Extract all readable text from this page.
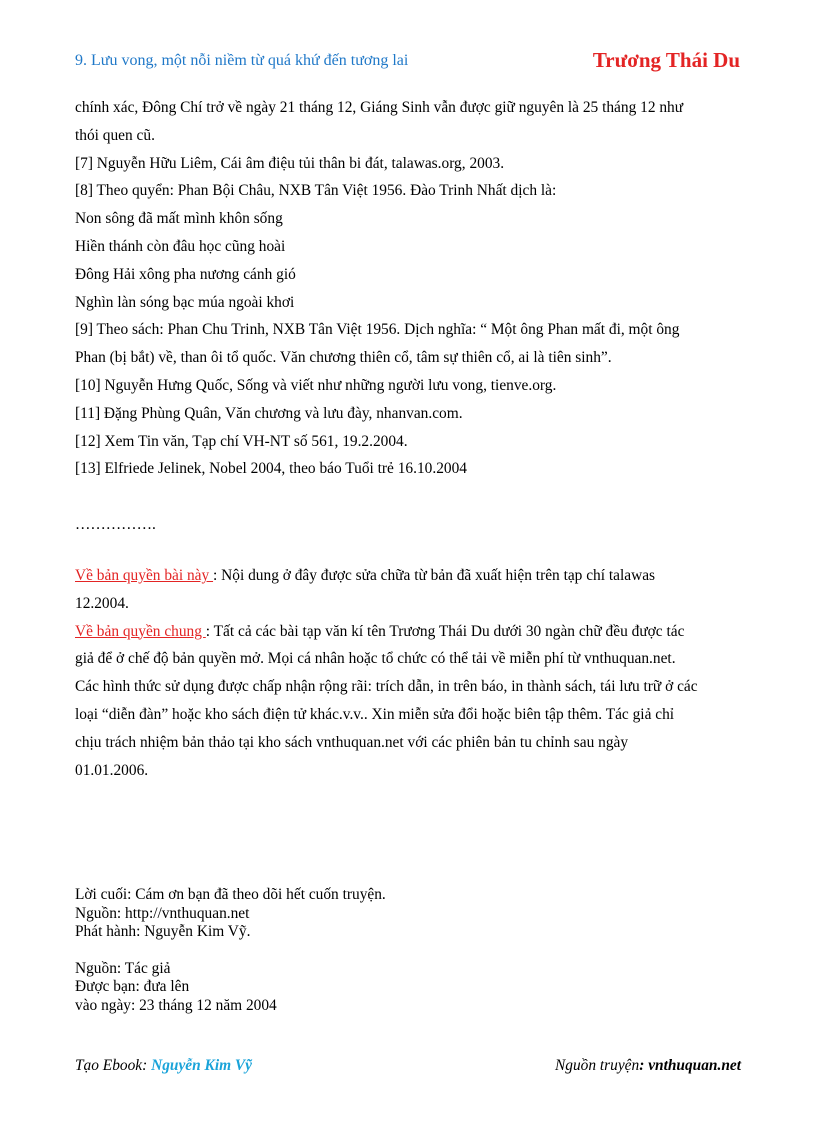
9. Lưu vong, một nỗi niềm từ quá khứ đến tương lai	Trương Thái Du
chính xác, Đông Chí trở về ngày 21 tháng 12, Giáng Sinh vẫn được giữ nguyên là 25 tháng 12 như
thói quen cũ.
[7] Nguyễn Hữu Liêm, Cái âm điệu tủi thân bi đát, talawas.org, 2003.
[8] Theo quyển: Phan Bội Châu, NXB Tân Việt 1956. Đào Trinh Nhất dịch là:
Non sông đã mất mình khôn sống
Hiền thánh còn đâu học cũng hoài
Đông Hải xông pha nương cánh gió
Nghìn làn sóng bạc múa ngoài khơi
[9] Theo sách: Phan Chu Trinh, NXB Tân Việt 1956. Dịch nghĩa: “ Một ông Phan mất đi, một ông
Phan (bị bắt) về, than ôi tổ quốc. Văn chương thiên cổ, tâm sự thiên cổ, ai là tiên sinh”.
[10] Nguyễn Hưng Quốc, Sống và viết như những người lưu vong, tienve.org.
[11] Đặng Phùng Quân, Văn chương và lưu đày, nhanvan.com.
[12] Xem Tin văn, Tạp chí VH-NT số 561, 19.2.2004.
[13] Elfriede Jelinek, Nobel 2004, theo báo Tuổi trẻ 16.10.2004
…………….
Về bản quyền bài này : Nội dung ở đây được sửa chữa từ bản đã xuất hiện trên tạp chí talawas
12.2004.
Về bản quyền chung : Tất cả các bài tạp văn kí tên Trương Thái Du dưới 30 ngàn chữ đều được tác
giả để ở chế độ bản quyền mở. Mọi cá nhân hoặc tổ chức có thể tải về miễn phí từ vnthuquan.net.
Các hình thức sử dụng được chấp nhận rộng rãi: trích dẫn, in trên báo, in thành sách, tái lưu trữ ở các
loại “diễn đàn” hoặc kho sách điện tử khác.v.v.. Xin miễn sửa đổi hoặc biên tập thêm. Tác giả chỉ
chịu trách nhiệm bản thảo tại kho sách vnthuquan.net với các phiên bản tu chỉnh sau ngày
01.01.2006.
Lời cuối: Cám ơn bạn đã theo dõi hết cuốn truyện.
Nguồn: http://vnthuquan.net
Phát hành: Nguyễn Kim Vỹ.
Nguồn: Tác giả
Được bạn: đưa lên
vào ngày: 23 tháng 12 năm 2004
Tạo Ebook: Nguyễn Kim Vỹ	Nguồn truyện: vnthuquan.net
